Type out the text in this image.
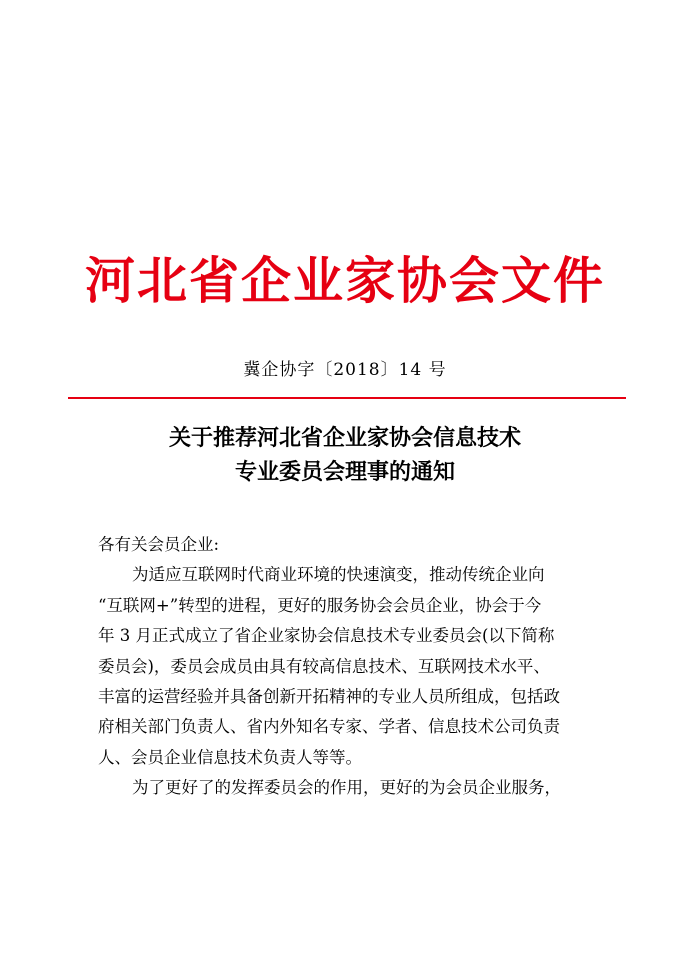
河北省企业家协会文件
冀企协字〔2018〕14 号
关于推荐河北省企业家协会信息技术
专业委员会理事的通知

各有关会员企业:

为适应互联网时代商业环境的快速演变，推动传统企业向

“互联网+”转型的进程，更好的服务协会会员企业，协会于今

年 3 月正式成立了省企业家协会信息技术专业委员会(以下简称

委员会)，委员会成员由具有较高信息技术、互联网技术水平、

丰富的运营经验并具备创新开拓精神的专业人员所组成，包括政

府相关部门负责人、省内外知名专家、学者、信息技术公司负责

人、会员企业信息技术负责人等等。

为了更好了的发挥委员会的作用，更好的为会员企业服务，
